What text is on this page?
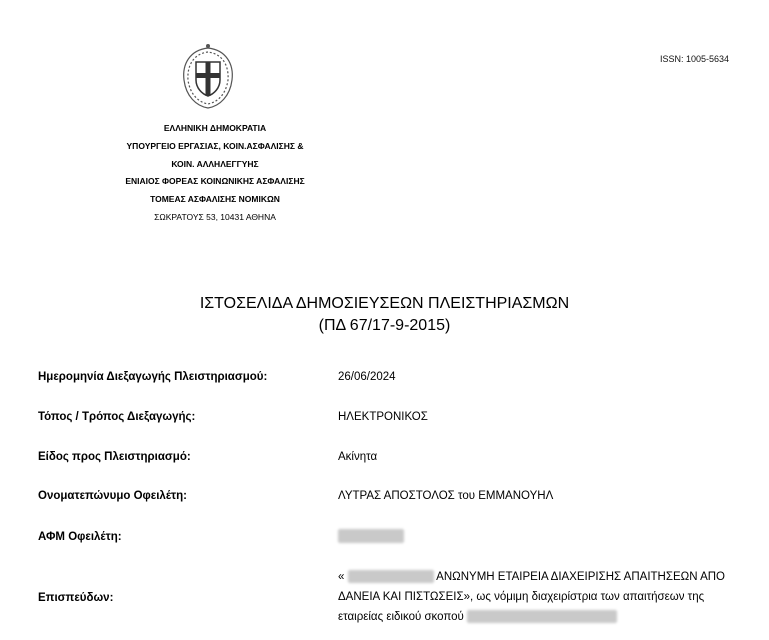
ISSN: 1005-5634
ΕΛΛΗΝΙΚΗ ΔΗΜΟΚΡΑΤΙΑ
ΥΠΟΥΡΓΕΙΟ ΕΡΓΑΣΙΑΣ, ΚΟΙΝ.ΑΣΦΑΛΙΣΗΣ &
ΚΟΙΝ. ΑΛΛΗΛΕΓΓΥΗΣ
ΕΝΙΑΙΟΣ ΦΟΡΕΑΣ ΚΟΙΝΩΝΙΚΗΣ ΑΣΦΑΛΙΣΗΣ
ΤΟΜΕΑΣ ΑΣΦΑΛΙΣΗΣ ΝΟΜΙΚΩΝ
ΣΩΚΡΑΤΟΥΣ 53, 10431 ΑΘΗΝΑ
ΙΣΤΟΣΕΛΙΔΑ ΔΗΜΟΣΙΕΥΣΕΩΝ ΠΛΕΙΣΤΗΡΙΑΣΜΩΝ
(ΠΔ 67/17-9-2015)
Ημερομηνία Διεξαγωγής Πλειστηριασμού:	26/06/2024
Τόπος / Τρόπος Διεξαγωγής:	ΗΛΕΚΤΡΟΝΙΚΟΣ
Είδος προς Πλειστηριασμό:	Ακίνητα
Ονοματεπώνυμο Οφειλέτη:	ΛΥΤΡΑΣ ΑΠΟΣΤΟΛΟΣ του ΕΜΜΑΝΟΥΗΛ
ΑΦΜ Οφειλέτη:
Επισπεύδων:
«	ΑΝΩΝΥΜΗ ΕΤΑΙΡΕΙΑ ΔΙΑΧΕΙΡΙΣΗΣ ΑΠΑΙΤΗΣΕΩΝ ΑΠΟ
ΔΑΝΕΙΑ ΚΑΙ ΠΙΣΤΩΣΕΙΣ», ως νόμιμη διαχειρίστρια των απαιτήσεων της
εταιρείας ειδικού σκοπού
